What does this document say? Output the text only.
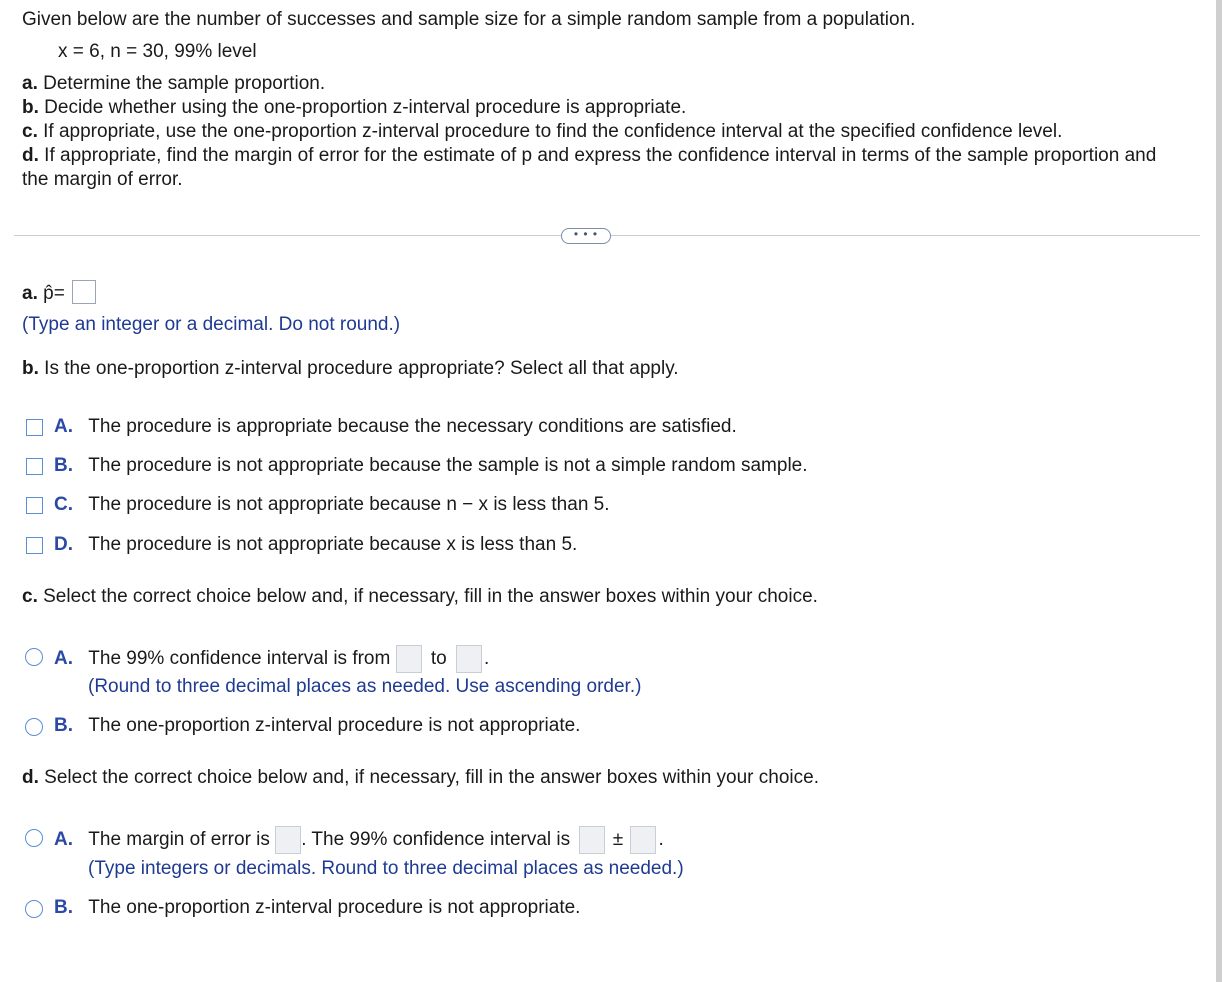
Given below are the number of successes and sample size for a simple random sample from a population.
x = 6, n = 30, 99% level
a. Determine the sample proportion.
b. Decide whether using the one-proportion z-interval procedure is appropriate.
c. If appropriate, use the one-proportion z-interval procedure to find the confidence interval at the specified confidence level.
d. If appropriate, find the margin of error for the estimate of p and express the confidence interval in terms of the sample proportion and
the margin of error.
• • •
a. p̂=
(Type an integer or a decimal. Do not round.)
b. Is the one-proportion z-interval procedure appropriate? Select all that apply.
A. The procedure is appropriate because the necessary conditions are satisfied.
B. The procedure is not appropriate because the sample is not a simple random sample.
C. The procedure is not appropriate because n − x is less than 5.
D. The procedure is not appropriate because x is less than 5.
c. Select the correct choice below and, if necessary, fill in the answer boxes within your choice.
A. The 99% confidence interval is from to .
(Round to three decimal places as needed. Use ascending order.)
B. The one-proportion z-interval procedure is not appropriate.
d. Select the correct choice below and, if necessary, fill in the answer boxes within your choice.
A. The margin of error is . The 99% confidence interval is ± .
(Type integers or decimals. Round to three decimal places as needed.)
B. The one-proportion z-interval procedure is not appropriate.
